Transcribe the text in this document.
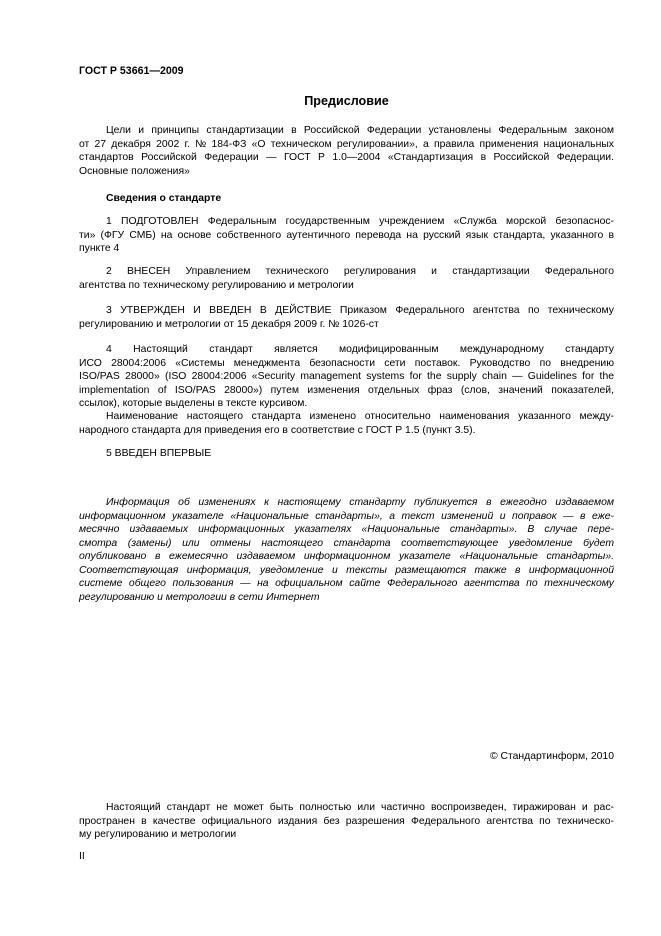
ГОСТ Р 53661—2009
Предисловие
Цели и принципы стандартизации в Российской Федерации установлены Федеральным законом
от 27 декабря 2002 г. № 184-ФЗ «О техническом регулировании», а правила применения национальных
стандартов Российской Федерации — ГОСТ Р 1.0—2004 «Стандартизация в Российской Федерации.
Основные положения»
Сведения о стандарте
1 ПОДГОТОВЛЕН Федеральным государственным учреждением «Служба морской безопаснос-
ти» (ФГУ СМБ) на основе собственного аутентичного перевода на русский язык стандарта, указанного в
пункте 4
2 ВНЕСЕН Управлением технического регулирования и стандартизации Федерального
агентства по техническому регулированию и метрологии
3 УТВЕРЖДЕН И ВВЕДЕН В ДЕЙСТВИЕ Приказом Федерального агентства по техническому
регулированию и метрологии от 15 декабря 2009 г. № 1026-ст
4 Настоящий стандарт является модифицированным международному стандарту
ИСО 28004:2006 «Системы менеджмента безопасности сети поставок. Руководство по внедрению
ISO/PAS 28000» (ISO 28004:2006 «Security management systems for the supply chain — Guidelines for the
implementation of ISO/PAS 28000») путем изменения отдельных фраз (слов, значений показателей,
ссылок), которые выделены в тексте курсивом.
Наименование настоящего стандарта изменено относительно наименования указанного между-
народного стандарта для приведения его в соответствие с ГОСТ Р 1.5 (пункт 3.5).
5 ВВЕДЕН ВПЕРВЫЕ
Информация об изменениях к настоящему стандарту публикуется в ежегодно издаваемом
информационном указателе «Национальные стандарты», а текст изменений и поправок — в еже-
месячно издаваемых информационных указателях «Национальные стандарты». В случае пере-
смотра (замены) или отмены настоящего стандарта соответствующее уведомление будет
опубликовано в ежемесячно издаваемом информационном указателе «Национальные стандарты».
Соответствующая информация, уведомление и тексты размещаются также в информационной
системе общего пользования — на официальном сайте Федерального агентства по техническому
регулированию и метрологии в сети Интернет
© Стандартинформ, 2010
Настоящий стандарт не может быть полностью или частично воспроизведен, тиражирован и рас-
пространен в качестве официального издания без разрешения Федерального агентства по техническо-
му регулированию и метрологии
II
